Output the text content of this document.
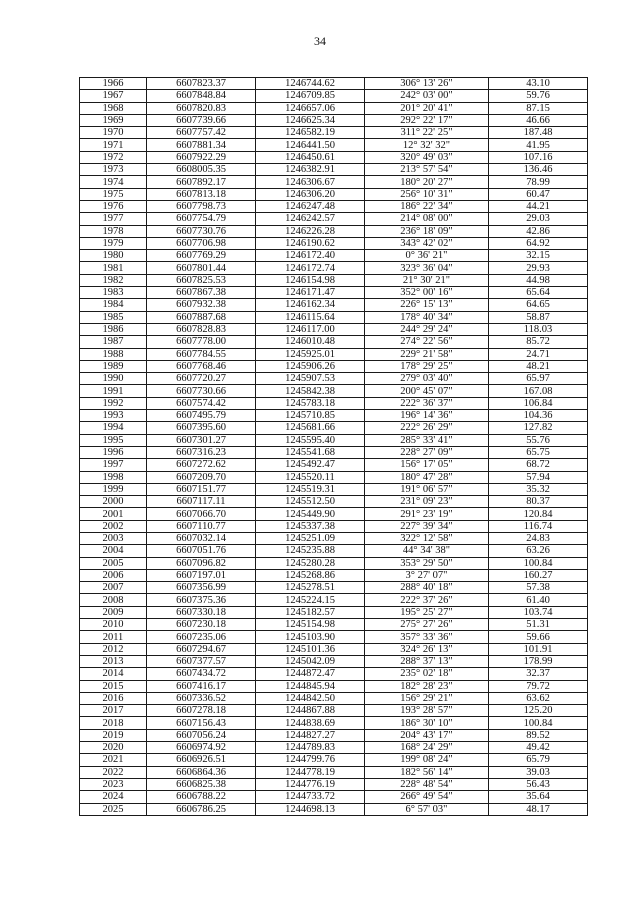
34
1966	6607823.37	1246744.62	306° 13' 26"	43.10
1967	6607848.84	1246709.85	242° 03' 00"	59.76
1968	6607820.83	1246657.06	201° 20' 41"	87.15
1969	6607739.66	1246625.34	292° 22' 17"	46.66
1970	6607757.42	1246582.19	311° 22' 25"	187.48
1971	6607881.34	1246441.50	12° 32' 32"	41.95
1972	6607922.29	1246450.61	320° 49' 03"	107.16
1973	6608005.35	1246382.91	213° 57' 54"	136.46
1974	6607892.17	1246306.67	180° 20' 27"	78.99
1975	6607813.18	1246306.20	256° 10' 31"	60.47
1976	6607798.73	1246247.48	186° 22' 34"	44.21
1977	6607754.79	1246242.57	214° 08' 00"	29.03
1978	6607730.76	1246226.28	236° 18' 09"	42.86
1979	6607706.98	1246190.62	343° 42' 02"	64.92
1980	6607769.29	1246172.40	0° 36' 21"	32.15
1981	6607801.44	1246172.74	323° 36' 04"	29.93
1982	6607825.53	1246154.98	21° 30' 21"	44.98
1983	6607867.38	1246171.47	352° 00' 16"	65.64
1984	6607932.38	1246162.34	226° 15' 13"	64.65
1985	6607887.68	1246115.64	178° 40' 34"	58.87
1986	6607828.83	1246117.00	244° 29' 24"	118.03
1987	6607778.00	1246010.48	274° 22' 56"	85.72
1988	6607784.55	1245925.01	229° 21' 58"	24.71
1989	6607768.46	1245906.26	178° 29' 25"	48.21
1990	6607720.27	1245907.53	279° 03' 40"	65.97
1991	6607730.66	1245842.38	200° 45' 07"	167.08
1992	6607574.42	1245783.18	222° 36' 37"	106.84
1993	6607495.79	1245710.85	196° 14' 36"	104.36
1994	6607395.60	1245681.66	222° 26' 29"	127.82
1995	6607301.27	1245595.40	285° 33' 41"	55.76
1996	6607316.23	1245541.68	228° 27' 09"	65.75
1997	6607272.62	1245492.47	156° 17' 05"	68.72
1998	6607209.70	1245520.11	180° 47' 28"	57.94
1999	6607151.77	1245519.31	191° 06' 57"	35.32
2000	6607117.11	1245512.50	231° 09' 23"	80.37
2001	6607066.70	1245449.90	291° 23' 19"	120.84
2002	6607110.77	1245337.38	227° 39' 34"	116.74
2003	6607032.14	1245251.09	322° 12' 58"	24.83
2004	6607051.76	1245235.88	44° 34' 38"	63.26
2005	6607096.82	1245280.28	353° 29' 50"	100.84
2006	6607197.01	1245268.86	3° 27' 07"	160.27
2007	6607356.99	1245278.51	288° 40' 18"	57.38
2008	6607375.36	1245224.15	222° 37' 26"	61.40
2009	6607330.18	1245182.57	195° 25' 27"	103.74
2010	6607230.18	1245154.98	275° 27' 26"	51.31
2011	6607235.06	1245103.90	357° 33' 36"	59.66
2012	6607294.67	1245101.36	324° 26' 13"	101.91
2013	6607377.57	1245042.09	288° 37' 13"	178.99
2014	6607434.72	1244872.47	235° 02' 18"	32.37
2015	6607416.17	1244845.94	182° 28' 23"	79.72
2016	6607336.52	1244842.50	156° 29' 21"	63.62
2017	6607278.18	1244867.88	193° 28' 57"	125.20
2018	6607156.43	1244838.69	186° 30' 10"	100.84
2019	6607056.24	1244827.27	204° 43' 17"	89.52
2020	6606974.92	1244789.83	168° 24' 29"	49.42
2021	6606926.51	1244799.76	199° 08' 24"	65.79
2022	6606864.36	1244778.19	182° 56' 14"	39.03
2023	6606825.38	1244776.19	228° 48' 54"	56.43
2024	6606788.22	1244733.72	266° 49' 54"	35.64
2025	6606786.25	1244698.13	6° 57' 03"	48.17
